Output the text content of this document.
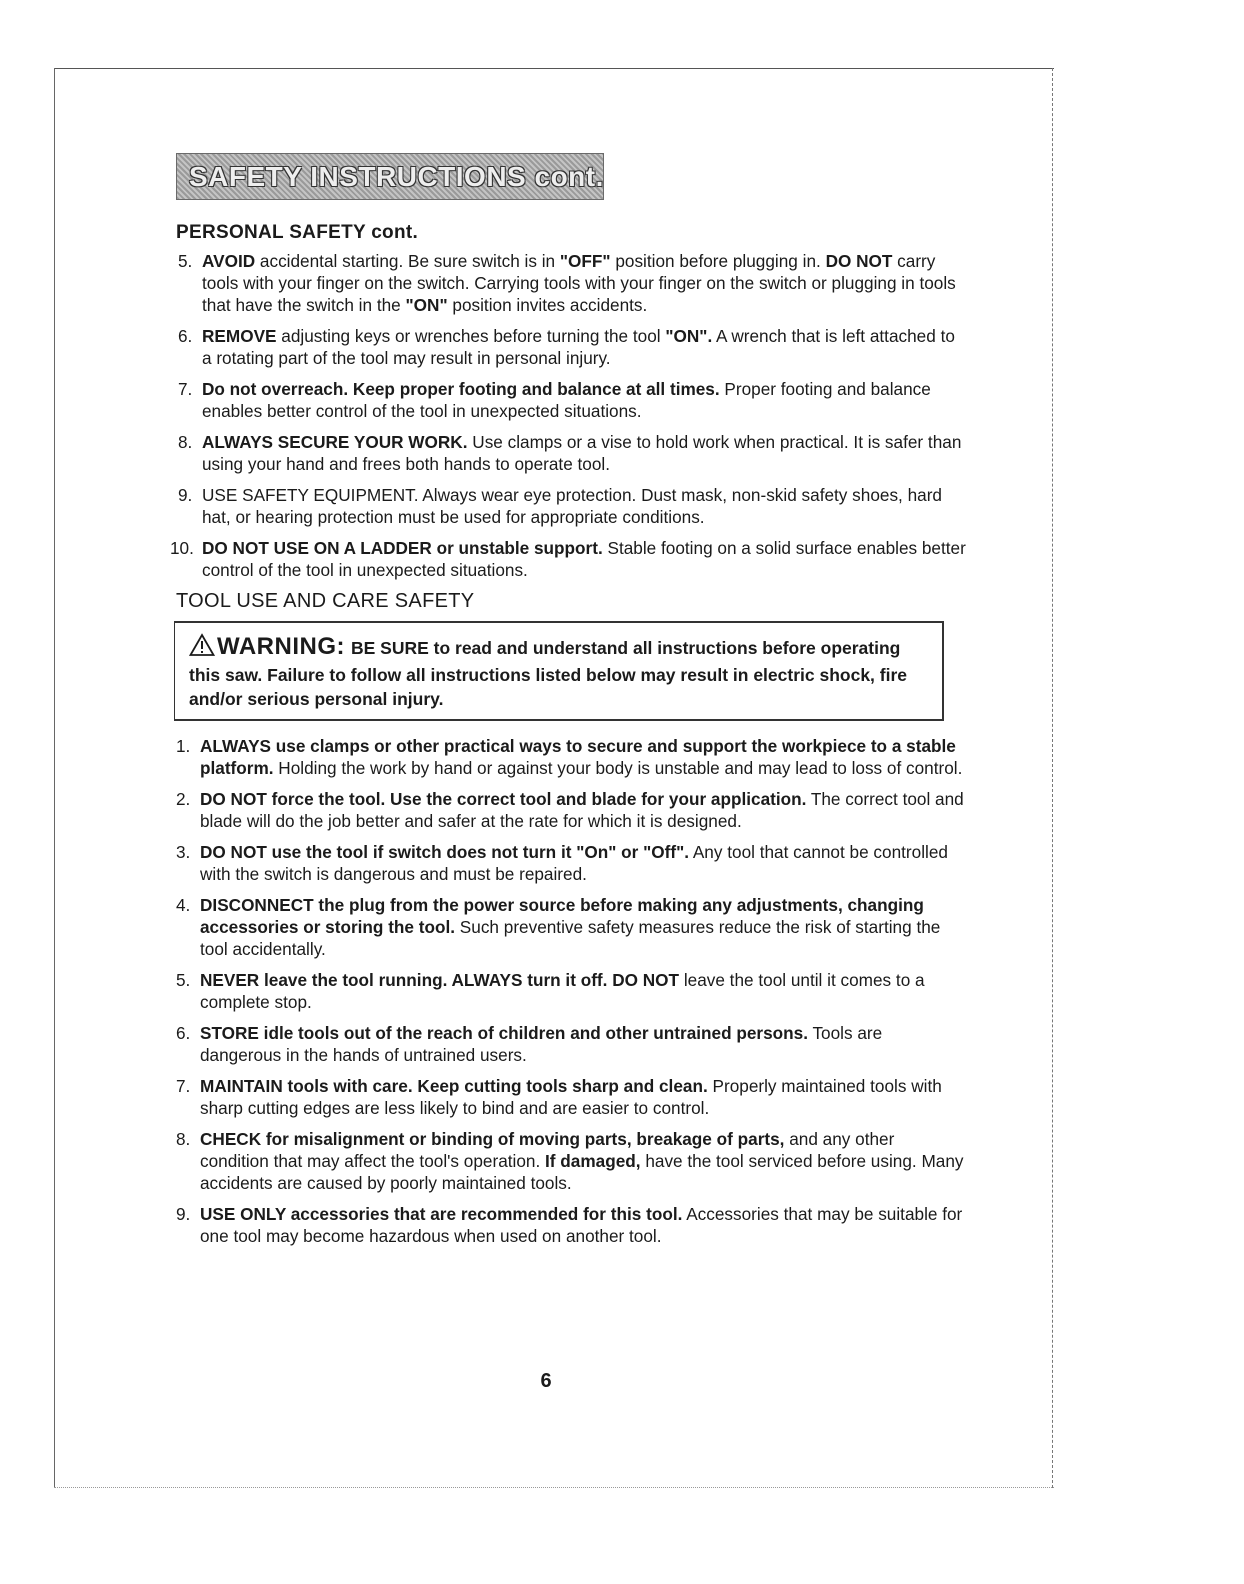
SAFETY INSTRUCTIONS cont.
PERSONAL SAFETY cont.
5. AVOID accidental starting. Be sure switch is in "OFF" position before plugging in. DO NOT carry tools with your finger on the switch. Carrying tools with your finger on the switch or plugging in tools that have the switch in the "ON" position invites accidents.
6. REMOVE adjusting keys or wrenches before turning the tool "ON". A wrench that is left attached to a rotating part of the tool may result in personal injury.
7. Do not overreach. Keep proper footing and balance at all times. Proper footing and balance enables better control of the tool in unexpected situations.
8. ALWAYS SECURE YOUR WORK. Use clamps or a vise to hold work when practical. It is safer than using your hand and frees both hands to operate tool.
9. USE SAFETY EQUIPMENT. Always wear eye protection. Dust mask, non-skid safety shoes, hard hat, or hearing protection must be used for appropriate conditions.
10. DO NOT USE ON A LADDER or unstable support. Stable footing on a solid surface enables better control of the tool in unexpected situations.
TOOL USE AND CARE SAFETY
WARNING: BE SURE to read and understand all instructions before operating this saw. Failure to follow all instructions listed below may result in electric shock, fire and/or serious personal injury.
1. ALWAYS use clamps or other practical ways to secure and support the workpiece to a stable platform. Holding the work by hand or against your body is unstable and may lead to loss of control.
2. DO NOT force the tool. Use the correct tool and blade for your application. The correct tool and blade will do the job better and safer at the rate for which it is designed.
3. DO NOT use the tool if switch does not turn it "On" or "Off". Any tool that cannot be controlled with the switch is dangerous and must be repaired.
4. DISCONNECT the plug from the power source before making any adjustments, changing accessories or storing the tool. Such preventive safety measures reduce the risk of starting the tool accidentally.
5. NEVER leave the tool running. ALWAYS turn it off. DO NOT leave the tool until it comes to a complete stop.
6. STORE idle tools out of the reach of children and other untrained persons. Tools are dangerous in the hands of untrained users.
7. MAINTAIN tools with care. Keep cutting tools sharp and clean. Properly maintained tools with sharp cutting edges are less likely to bind and are easier to control.
8. CHECK for misalignment or binding of moving parts, breakage of parts, and any other condition that may affect the tool's operation. If damaged, have the tool serviced before using. Many accidents are caused by poorly maintained tools.
9. USE ONLY accessories that are recommended for this tool. Accessories that may be suitable for one tool may become hazardous when used on another tool.
6
